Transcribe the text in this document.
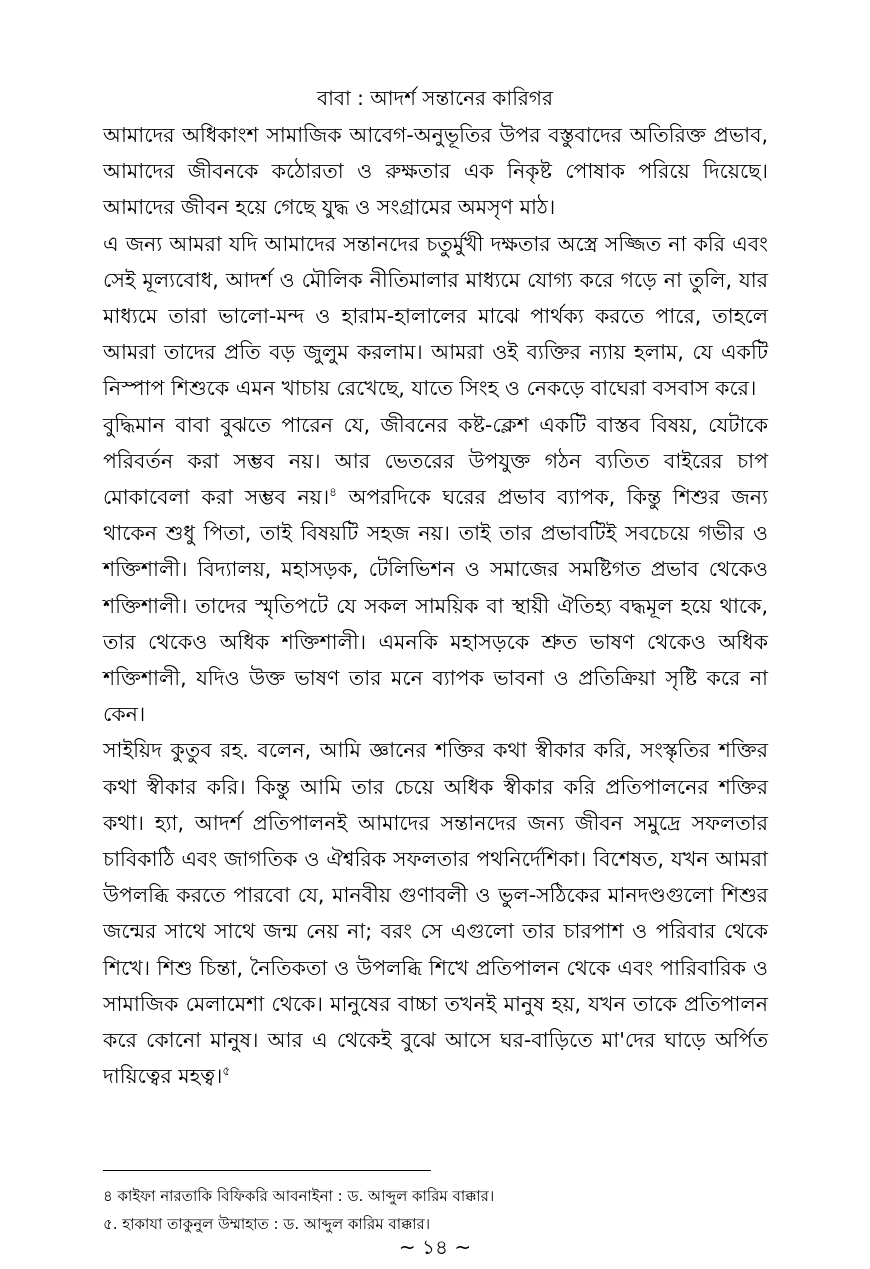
বাবা : আদর্শ সন্তানের কারিগর

আমাদের অধিকাংশ সামাজিক আবেগ-অনুভূতির উপর বস্তুবাদের অতিরিক্ত প্রভাব, আমাদের জীবনকে কঠোরতা ও রুক্ষতার এক নিকৃষ্ট পোষাক পরিয়ে দিয়েছে। আমাদের জীবন হয়ে গেছে যুদ্ধ ও সংগ্রামের অমসৃণ মাঠ।

এ জন্য আমরা যদি আমাদের সন্তানদের চতুর্মুখী দক্ষতার অস্ত্রে সজ্জিত না করি এবং সেই মূল্যবোধ, আদর্শ ও মৌলিক নীতিমালার মাধ্যমে যোগ্য করে গড়ে না তুলি, যার মাধ্যমে তারা ভালো-মন্দ ও হারাম-হালালের মাঝে পার্থক্য করতে পারে, তাহলে আমরা তাদের প্রতি বড় জুলুম করলাম। আমরা ওই ব্যক্তির ন্যায় হলাম, যে একটি নিস্পাপ শিশুকে এমন খাচায় রেখেছে, যাতে সিংহ ও নেকড়ে বাঘেরা বসবাস করে।

বুদ্ধিমান বাবা বুঝতে পারেন যে, জীবনের কষ্ট-ক্লেশ একটি বাস্তব বিষয়, যেটাকে পরিবর্তন করা সম্ভব নয়। আর ভেতরের উপযুক্ত গঠন ব্যতিত বাইরের চাপ মোকাবেলা করা সম্ভব নয়।$^৪$ অপরদিকে ঘরের প্রভাব ব্যাপক, কিন্তু শিশুর জন্য থাকেন শুধু পিতা, তাই বিষয়টি সহজ নয়। তাই তার প্রভাবটিই সবচেয়ে গভীর ও শক্তিশালী। বিদ্যালয়, মহাসড়ক, টেলিভিশন ও সমাজের সমষ্টিগত প্রভাব থেকেও শক্তিশালী। তাদের স্মৃতিপটে যে সকল সাময়িক বা স্থায়ী ঐতিহ্য বদ্ধমূল হয়ে থাকে, তার থেকেও অধিক শক্তিশালী। এমনকি মহাসড়কে শ্রুত ভাষণ থেকেও অধিক শক্তিশালী, যদিও উক্ত ভাষণ তার মনে ব্যাপক ভাবনা ও প্রতিক্রিয়া সৃষ্টি করে না কেন।

সাইয়িদ কুতুব রহ. বলেন, আমি জ্ঞানের শক্তির কথা স্বীকার করি, সংস্কৃতির শক্তির কথা স্বীকার করি। কিন্তু আমি তার চেয়ে অধিক স্বীকার করি প্রতিপালনের শক্তির কথা। হ্যা, আদর্শ প্রতিপালনই আমাদের সন্তানদের জন্য জীবন সমুদ্রে সফলতার চাবিকাঠি এবং জাগতিক ও ঐশ্বরিক সফলতার পথনির্দেশিকা। বিশেষত, যখন আমরা উপলব্ধি করতে পারবো যে, মানবীয় গুণাবলী ও ভুল-সঠিকের মানদণ্ডগুলো শিশুর জন্মের সাথে সাথে জন্ম নেয় না; বরং সে এগুলো তার চারপাশ ও পরিবার থেকে শিখে। শিশু চিন্তা, নৈতিকতা ও উপলব্ধি শিখে প্রতিপালন থেকে এবং পারিবারিক ও সামাজিক মেলামেশা থেকে। মানুষের বাচ্চা তখনই মানুষ হয়, যখন তাকে প্রতিপালন করে কোনো মানুষ। আর এ থেকেই বুঝে আসে ঘর-বাড়িতে মা'দের ঘাড়ে অর্পিত দায়িত্বের মহত্ব।$^৫$

৪ কাইফা নারতাকি বিফিকরি আবনাইনা : ড. আব্দুল কারিম বাক্কার।

৫. হাকাযা তাকুনুল উম্মাহাত : ড. আব্দুল কারিম বাক্কার।

~ ১৪ ~
